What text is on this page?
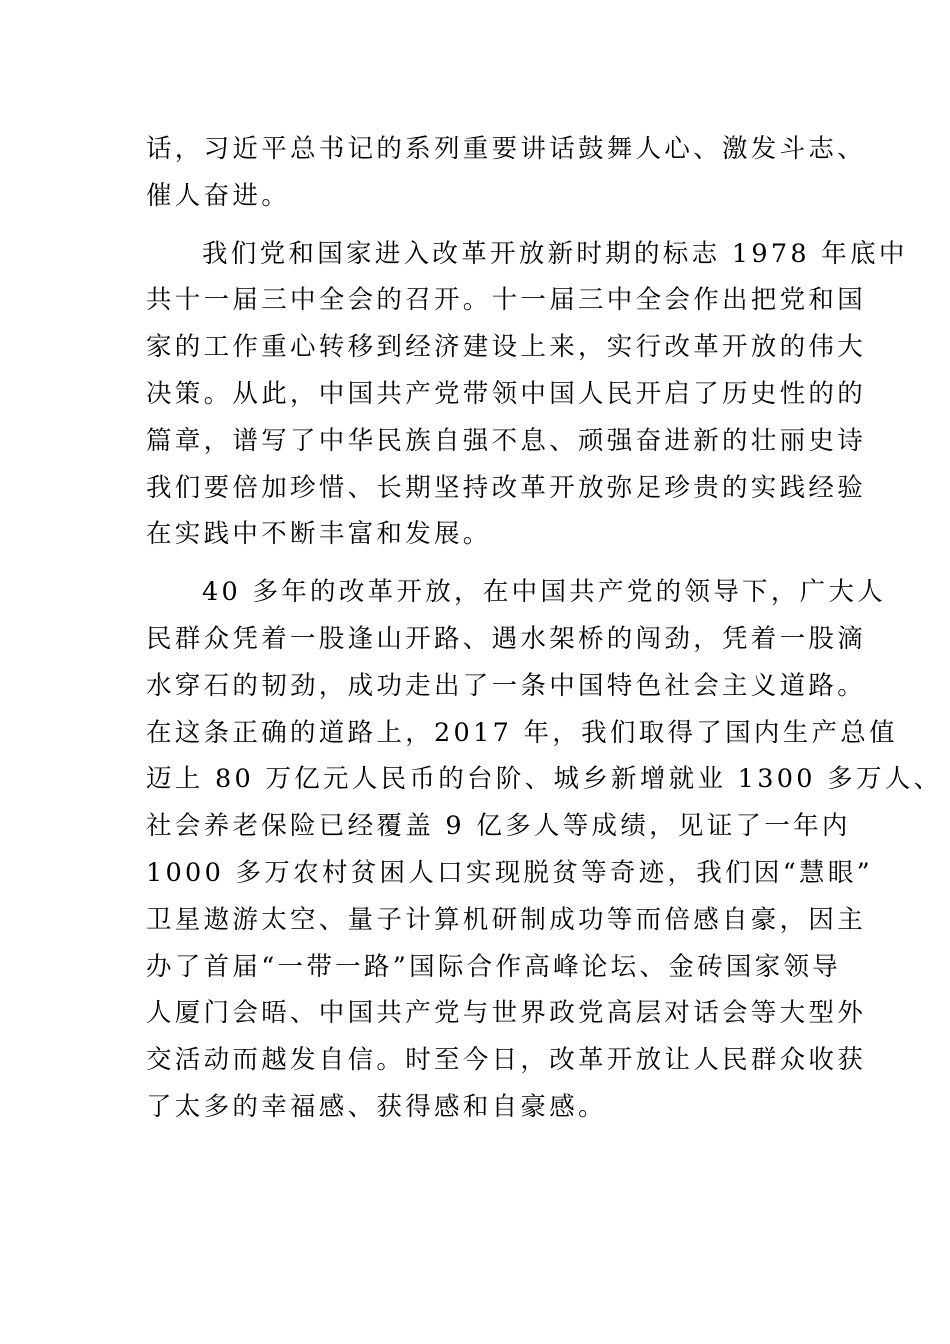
话，习近平总书记的系列重要讲话鼓舞人心、激发斗志、
催人奋进。
我们党和国家进入改革开放新时期的标志 1978 年底中
共十一届三中全会的召开。十一届三中全会作出把党和国
家的工作重心转移到经济建设上来，实行改革开放的伟大
决策。从此，中国共产党带领中国人民开启了历史性的的
篇章，谱写了中华民族自强不息、顽强奋进新的壮丽史诗
我们要倍加珍惜、长期坚持改革开放弥足珍贵的实践经验
在实践中不断丰富和发展。
40 多年的改革开放，在中国共产党的领导下，广大人
民群众凭着一股逢山开路、遇水架桥的闯劲，凭着一股滴
水穿石的韧劲，成功走出了一条中国特色社会主义道路。
在这条正确的道路上，2017 年，我们取得了国内生产总值
迈上 80 万亿元人民币的台阶、城乡新增就业 1300 多万人、
社会养老保险已经覆盖 9 亿多人等成绩，见证了一年内
1000 多万农村贫困人口实现脱贫等奇迹，我们因“慧眼”
卫星遨游太空、量子计算机研制成功等而倍感自豪，因主
办了首届“一带一路”国际合作高峰论坛、金砖国家领导
人厦门会晤、中国共产党与世界政党高层对话会等大型外
交活动而越发自信。时至今日，改革开放让人民群众收获
了太多的幸福感、获得感和自豪感。
